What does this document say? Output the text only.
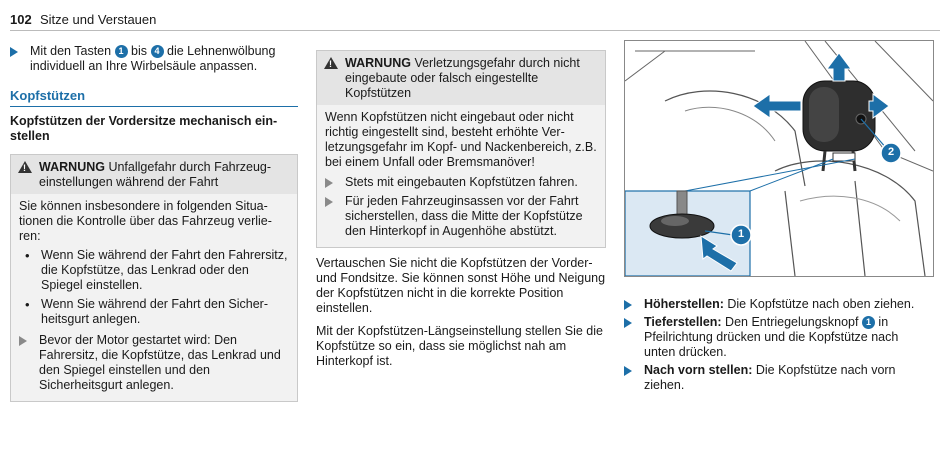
102 Sitze und Verstauen
Mit den Tasten 1 bis 4 die Lehnenwölbung individuell an Ihre Wirbelsäule anpassen.
Kopfstützen
Kopfstützen der Vordersitze mechanisch einstellen
! WARNUNG Unfallgefahr durch Fahrzeugeinstellungen während der Fahrt
Sie können insbesondere in folgenden Situationen die Kontrolle über das Fahrzeug verlieren:
• Wenn Sie während der Fahrt den Fahrersitz, die Kopfstütze, das Lenkrad oder den Spiegel einstellen.
• Wenn Sie während der Fahrt den Sicherheitsgurt anlegen.
Bevor der Motor gestartet wird: Den Fahrersitz, die Kopfstütze, das Lenkrad und den Spiegel einstellen und den Sicherheitsgurt anlegen.
! WARNUNG Verletzungsgefahr durch nicht eingebaute oder falsch eingestellte Kopfstützen
Wenn Kopfstützen nicht eingebaut oder nicht richtig eingestellt sind, besteht erhöhte Verletzungsgefahr im Kopf- und Nackenbereich, z.B. bei einem Unfall oder Bremsmanöver!
Stets mit eingebauten Kopfstützen fahren.
Für jeden Fahrzeuginsassen vor der Fahrt sicherstellen, dass die Mitte der Kopfstütze den Hinterkopf in Augenhöhe abstützt.
Vertauschen Sie nicht die Kopfstützen der Vorder- und Fondsitze. Sie können sonst Höhe und Neigung der Kopfstützen nicht in die korrekte Position einstellen.
Mit der Kopfstützen-Längseinstellung stellen Sie die Kopfstütze so ein, dass sie möglichst nah am Hinterkopf ist.
2
1
Höherstellen: Die Kopfstütze nach oben ziehen.
Tieferstellen: Den Entriegelungsknopf 1 in Pfeilrichtung drücken und die Kopfstütze nach unten drücken.
Nach vorn stellen: Die Kopfstütze nach vorn ziehen.
